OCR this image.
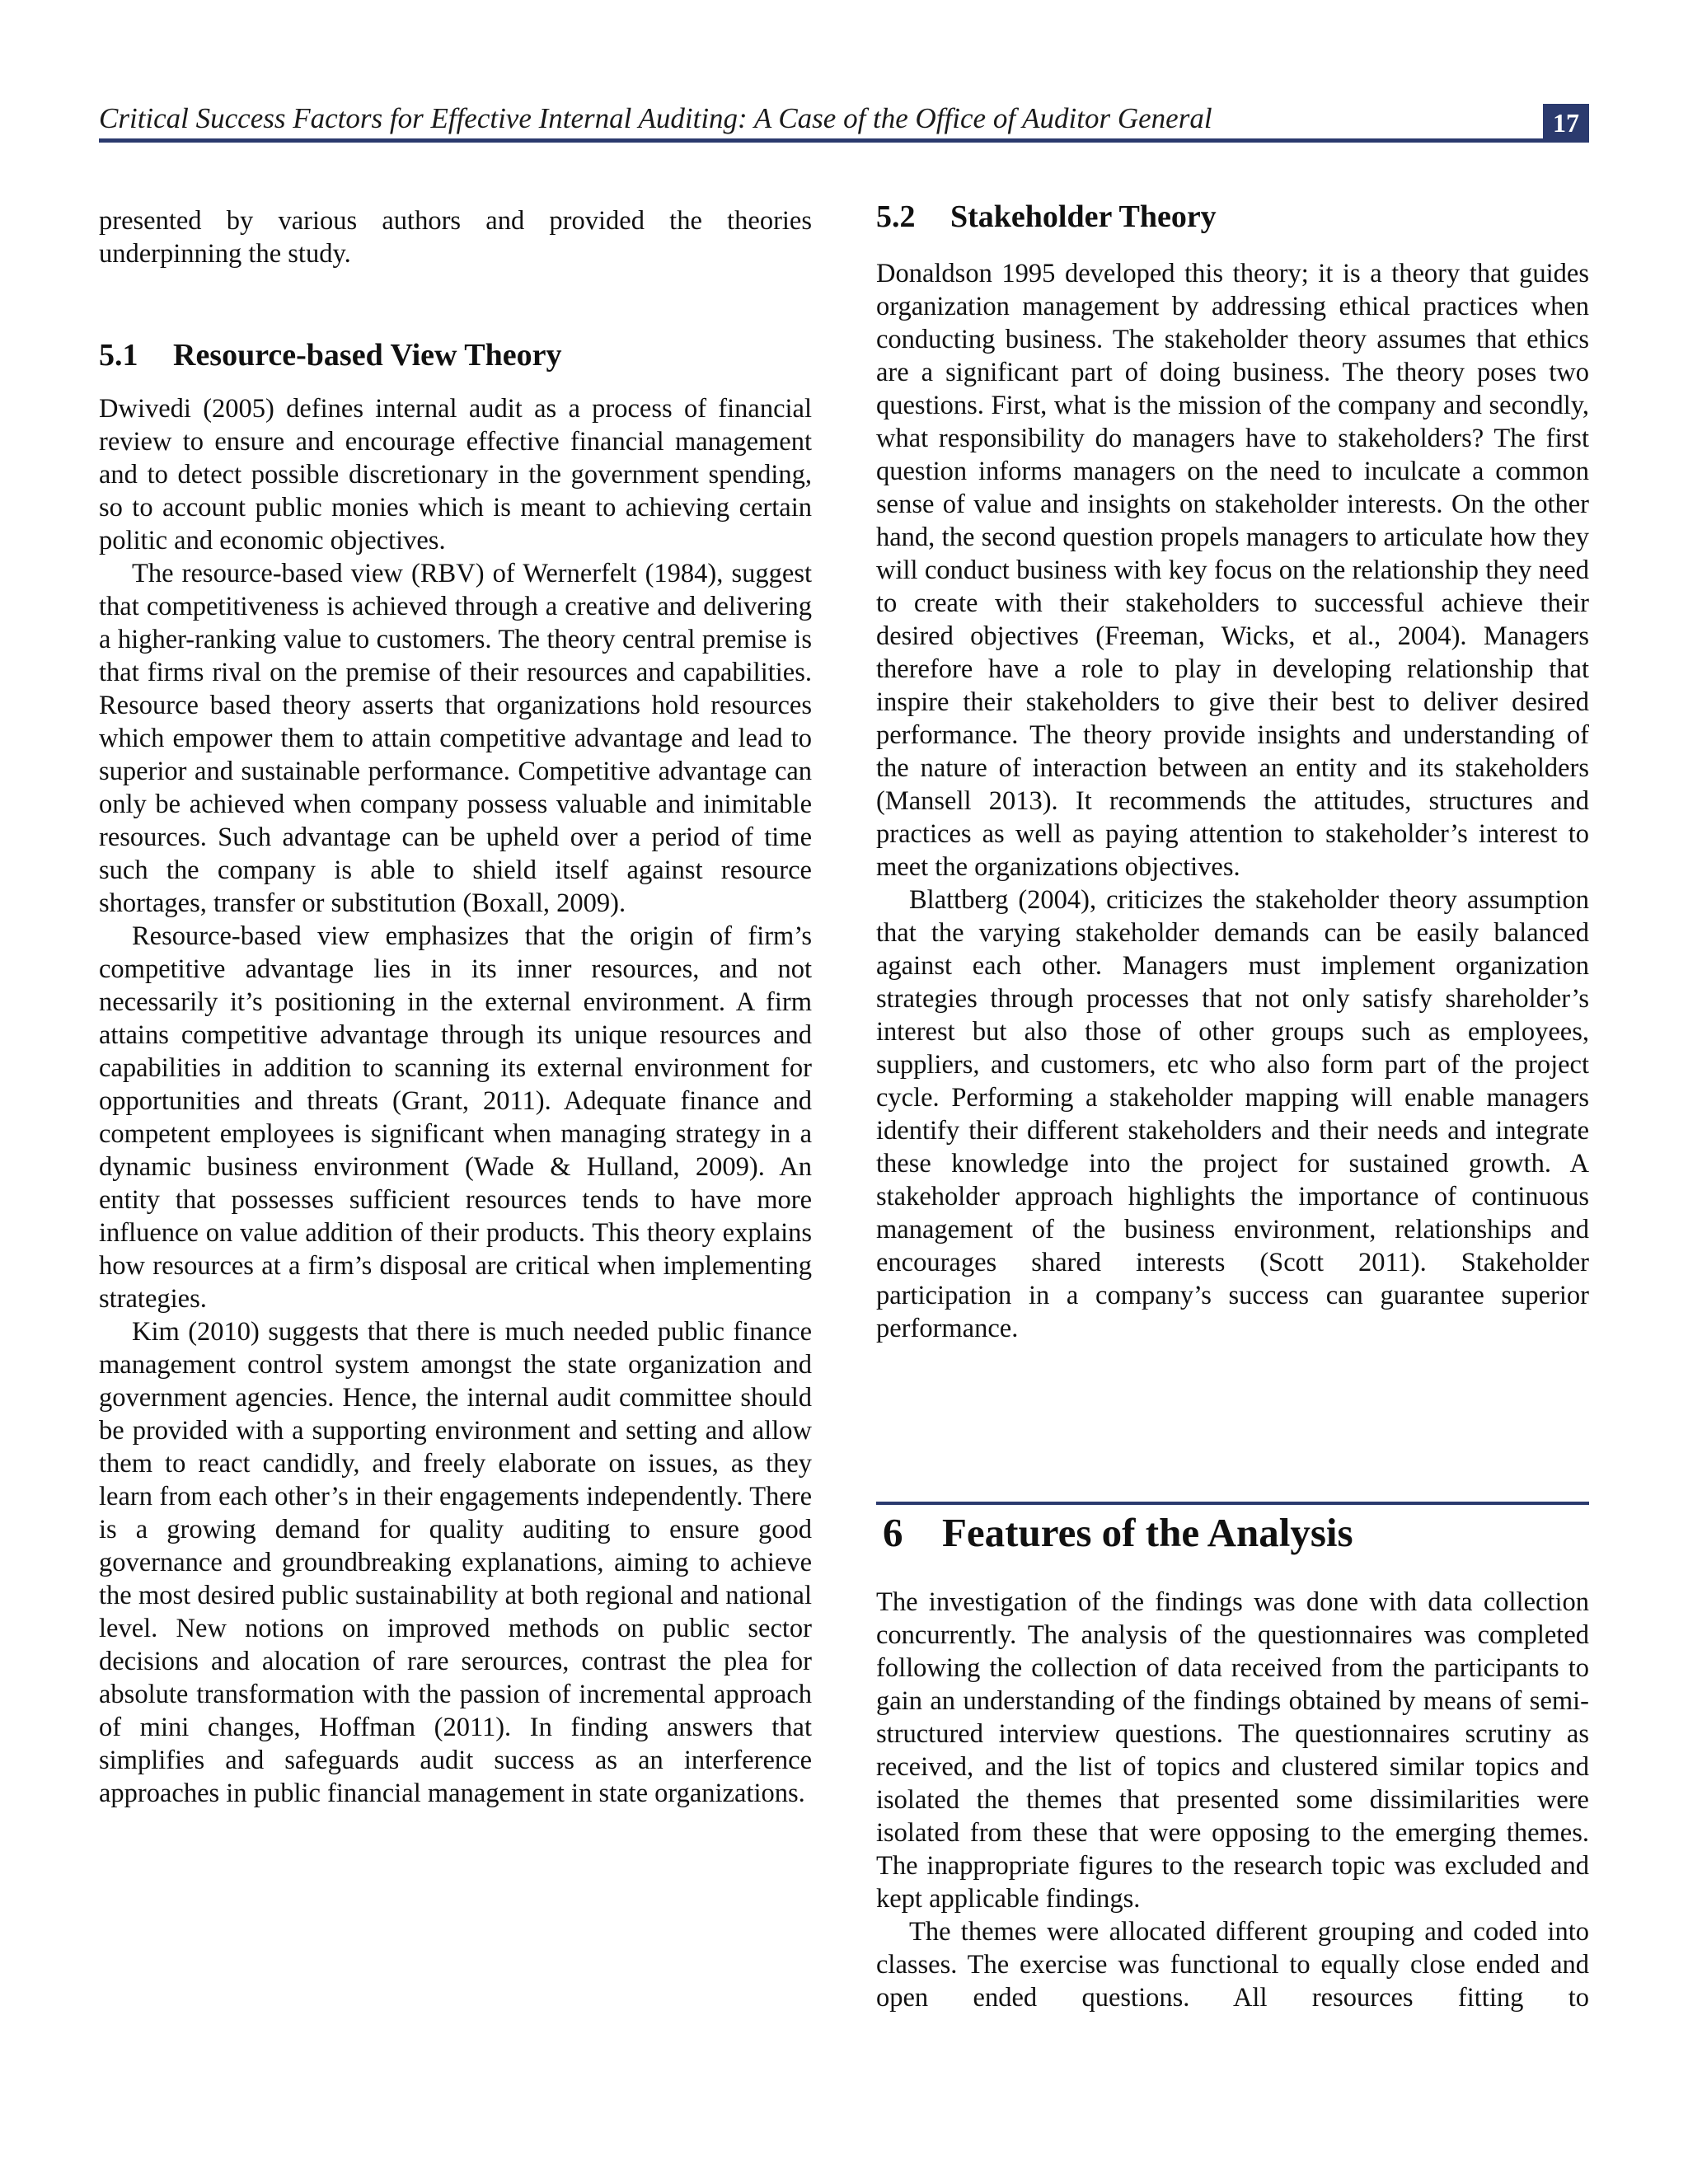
Critical Success Factors for Effective Internal Auditing: A Case of the Office of Auditor General	17

presented by various authors and provided the theories underpinning the study.

5.1 Resource-based View Theory

Dwivedi (2005) defines internal audit as a process of financial review to ensure and encourage effective financial management and to detect possible discretionary in the government spending, so to account public monies which is meant to achieving certain politic and economic objectives.

The resource-based view (RBV) of Wernerfelt (1984), suggest that competitiveness is achieved through a creative and delivering a higher-ranking value to customers. The theory central premise is that firms rival on the premise of their resources and capabilities. Resource based theory asserts that organizations hold resources which empower them to attain competitive advantage and lead to superior and sustainable performance. Competitive advantage can only be achieved when company possess valuable and inimitable resources. Such advantage can be upheld over a period of time such the company is able to shield itself against resource shortages, transfer or substitution (Boxall, 2009).

Resource-based view emphasizes that the origin of firm’s competitive advantage lies in its inner resources, and not necessarily it’s positioning in the external environment. A firm attains competitive advantage through its unique resources and capabilities in addition to scanning its external environment for opportunities and threats (Grant, 2011). Adequate finance and competent employees is significant when managing strategy in a dynamic business environment (Wade & Hulland, 2009). An entity that possesses sufficient resources tends to have more influence on value addition of their products. This theory explains how resources at a firm’s disposal are critical when implementing strategies.

Kim (2010) suggests that there is much needed public finance management control system amongst the state organization and government agencies. Hence, the internal audit committee should be provided with a supporting environment and setting and allow them to react candidly, and freely elaborate on issues, as they learn from each other’s in their engagements independently. There is a growing demand for quality auditing to ensure good governance and groundbreaking explanations, aiming to achieve the most desired public sustainability at both regional and national level. New notions on improved methods on public sector decisions and alocation of rare serources, contrast the plea for absolute transformation with the passion of incremental approach of mini changes, Hoffman (2011). In finding answers that simplifies and safeguards audit success as an interference approaches in public financial management in state organizations.

5.2 Stakeholder Theory

Donaldson 1995 developed this theory; it is a theory that guides organization management by addressing ethical practices when conducting business. The stakeholder theory assumes that ethics are a significant part of doing business. The theory poses two questions. First, what is the mission of the company and secondly, what responsibility do managers have to stakeholders? The first question informs managers on the need to inculcate a common sense of value and insights on stakeholder interests. On the other hand, the second question propels managers to articulate how they will conduct business with key focus on the relationship they need to create with their stakeholders to successful achieve their desired objectives (Freeman, Wicks, et al., 2004). Managers therefore have a role to play in developing relationship that inspire their stakeholders to give their best to deliver desired performance. The theory provide insights and understanding of the nature of interaction between an entity and its stakeholders (Mansell 2013). It recommends the attitudes, structures and practices as well as paying attention to stakeholder’s interest to meet the organizations objectives.

Blattberg (2004), criticizes the stakeholder theory assumption that the varying stakeholder demands can be easily balanced against each other. Managers must implement organization strategies through processes that not only satisfy shareholder’s interest but also those of other groups such as employees, suppliers, and customers, etc who also form part of the project cycle. Performing a stakeholder mapping will enable managers identify their different stakeholders and their needs and integrate these knowledge into the project for sustained growth. A stakeholder approach highlights the importance of continuous management of the business environment, relationships and encourages shared interests (Scott 2011). Stakeholder participation in a company’s success can guarantee superior performance.

6 Features of the Analysis

The investigation of the findings was done with data collection concurrently. The analysis of the questionnaires was completed following the collection of data received from the participants to gain an understanding of the findings obtained by means of semi-structured interview questions. The questionnaires scrutiny as received, and the list of topics and clustered similar topics and isolated the themes that presented some dissimilarities were isolated from these that were opposing to the emerging themes. The inappropriate figures to the research topic was excluded and kept applicable findings.

The themes were allocated different grouping and coded into classes. The exercise was functional to equally close ended and open ended questions. All resources fitting to
